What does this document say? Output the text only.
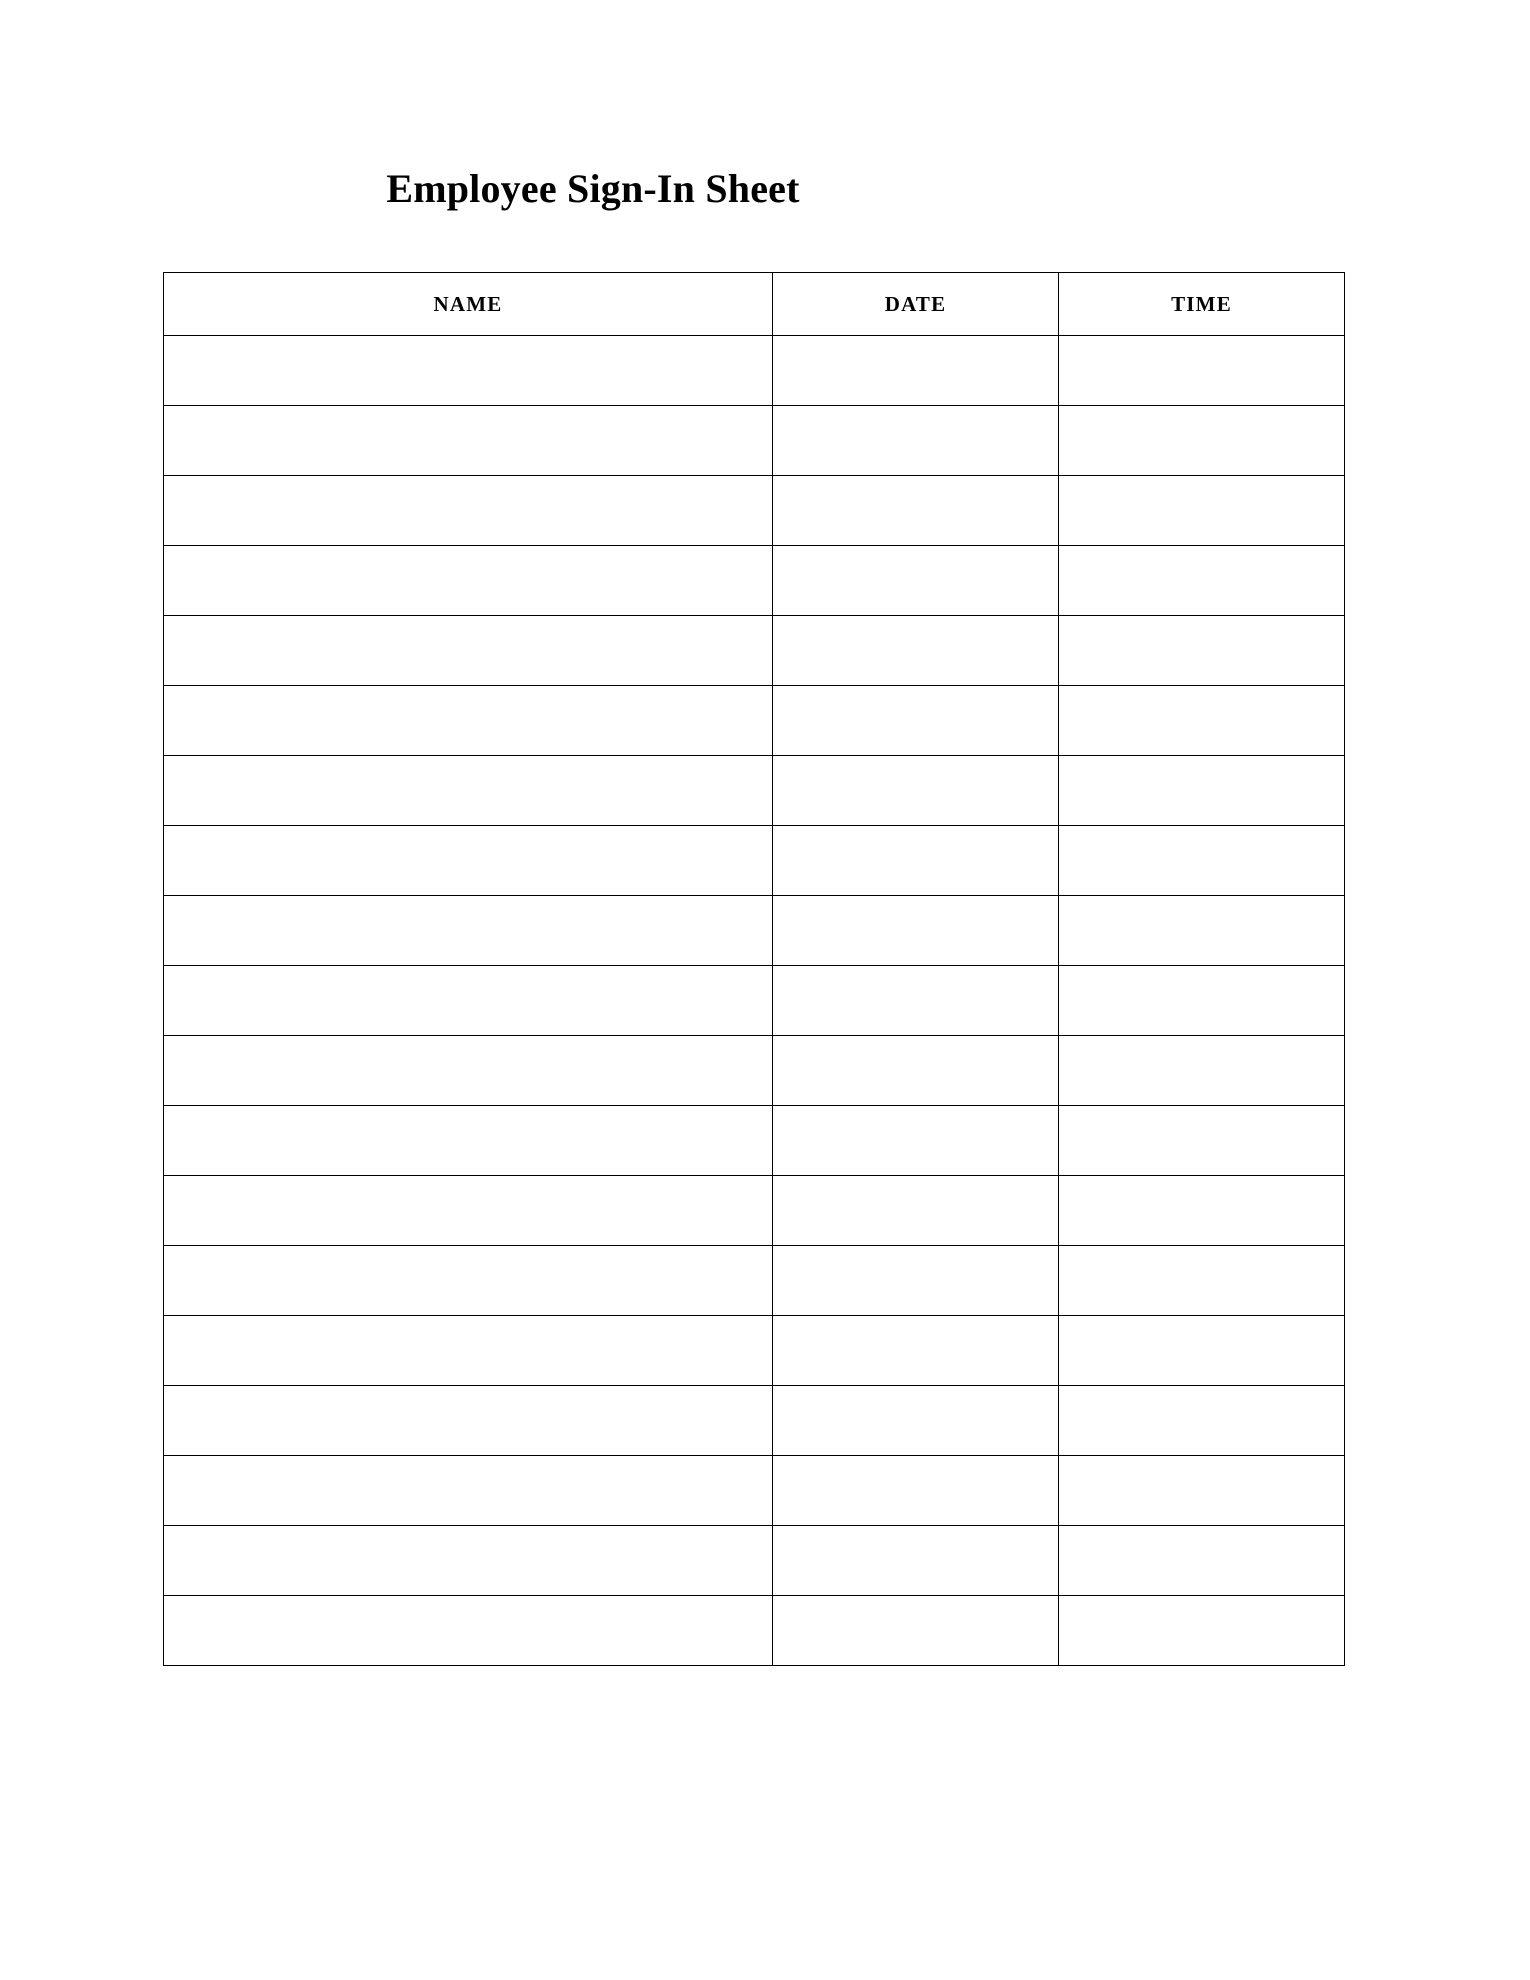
Employee Sign-In Sheet
NAME	DATE	TIME
